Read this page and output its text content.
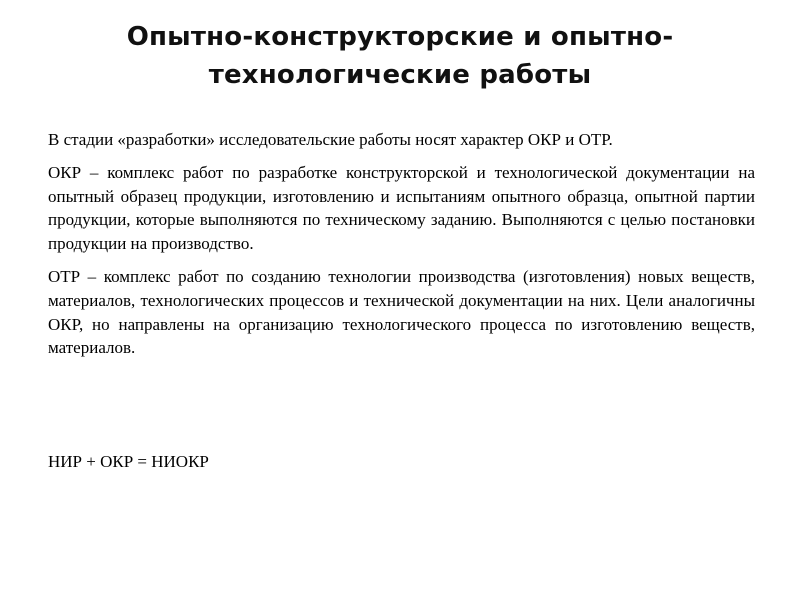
Опытно-конструкторские и опытно-
технологические работы

В стадии «разработки» исследовательские работы носят характер ОКР и ОТР.

ОКР – комплекс работ по разработке конструкторской и технологической документации на опытный образец продукции, изготовлению и испытаниям опытного образца, опытной партии продукции, которые выполняются по техническому заданию. Выполняются с целью постановки продукции на производство.

ОТР – комплекс работ по созданию технологии производства (изготовления) новых веществ, материалов, технологических процессов и технической документации на них. Цели аналогичны ОКР, но направлены на организацию технологического процесса по изготовлению веществ, материалов.

НИР + ОКР = НИОКР
